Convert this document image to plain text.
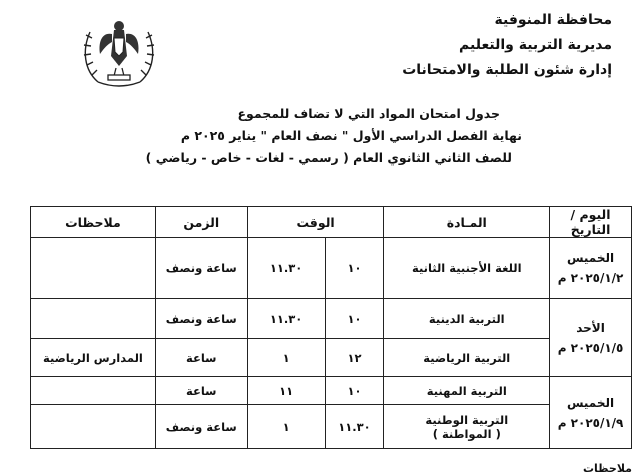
محافظة المنوفية
مديرية التربية والتعليم
إدارة شئون الطلبة والامتحانات
جدول امتحان المواد التي لا تضاف للمجموع
نهاية الفصل الدراسي الأول " نصف العام " يناير ٢٠٢٥ م
للصف الثاني الثانوي العام ( رسمي - لغات - خاص - رياضي )
اليوم / التاريخ	المـادة	الوقت		الزمن	ملاحظات

الخميس
٢٠٢٥/١/٢ م	اللغة الأجنبية الثانية	١٠	١١.٣٠	ساعة ونصف	

الأحد
٢٠٢٥/١/٥ م	التربية الدينية	١٠	١١.٣٠	ساعة ونصف	
	التربية الرياضية	١٢	١	ساعة	المدارس الرياضية

الخميس
٢٠٢٥/١/٩ م	التربية المهنية	١٠	١١	ساعة	

	التربية الوطنية
( المواطنة )	١١.٣٠	١	ساعة ونصف	
ملاحظات
